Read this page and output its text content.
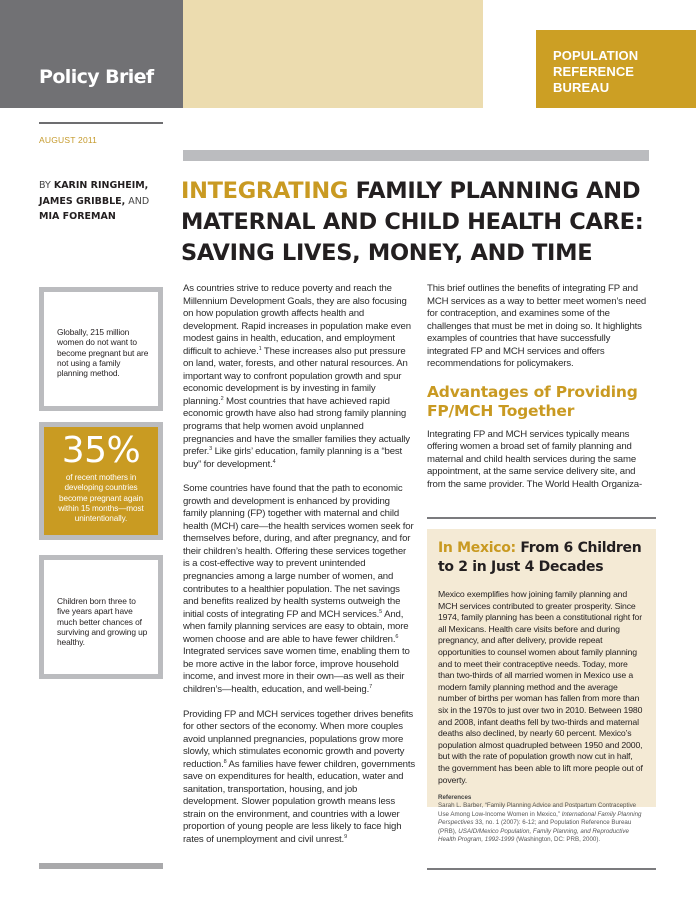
Policy Brief
POPULATION
REFERENCE
BUREAU
AUGUST 2011
BY KARIN RINGHEIM,
JAMES GRIBBLE, AND
MIA FOREMAN
INTEGRATING FAMILY PLANNING AND
MATERNAL AND CHILD HEALTH CARE:
SAVING LIVES, MONEY, AND TIME
Globally, 215 million women do not want to become pregnant but are not using a family planning method.
35%
of recent mothers in developing countries become pregnant again within 15 months—most unintentionally.
Children born three to five years apart have much better chances of surviving and growing up healthy.

As countries strive to reduce poverty and reach the Millennium Development Goals, they are also focusing on how population growth affects health and development. Rapid increases in population make even modest gains in health, education, and employment difficult to achieve.$^1$ These increases also put pressure on land, water, forests, and other natural resources. An important way to confront population growth and spur economic development is by investing in family planning.$^2$ Most countries that have achieved rapid economic growth have also had strong family planning programs that help women avoid unplanned pregnancies and have the smaller families they actually prefer.$^3$ Like girls’ education, family planning is a “best buy” for development.$^4$

Some countries have found that the path to economic growth and development is enhanced by providing family planning (FP) together with maternal and child health (MCH) care—the health services women seek for themselves before, during, and after pregnancy, and for their children’s health. Offering these services together is a cost-effective way to prevent unintended pregnancies among a large number of women, and contributes to a healthier population. The net savings and benefits realized by health systems outweigh the initial costs of integrating FP and MCH services.$^5$ And, when family planning services are easy to obtain, more women choose and are able to have fewer children.$^6$ Integrated services save women time, enabling them to be more active in the labor force, improve household income, and invest more in their own—as well as their children’s—health, education, and well-being.$^7$

Providing FP and MCH services together drives benefits for other sectors of the economy. When more couples avoid unplanned pregnancies, populations grow more slowly, which stimulates economic growth and poverty reduction.$^8$ As families have fewer children, governments save on expenditures for health, education, water and sanitation, transportation, housing, and job development. Slower population growth means less strain on the environment, and countries with a lower proportion of young people are less likely to face high rates of unemployment and civil unrest.$^9$

This brief outlines the benefits of integrating FP and MCH services as a way to better meet women’s need for contraception, and examines some of the challenges that must be met in doing so. It highlights examples of countries that have successfully integrated FP and MCH services and offers recommendations for policymakers.

Advantages of Providing FP/MCH Together

Integrating FP and MCH services typically means offering women a broad set of family planning and maternal and child health services during the same appointment, at the same service delivery site, and from the same provider. The World Health Organiza-

In Mexico: From 6 Children to 2 in Just 4 Decades
Mexico exemplifies how joining family planning and MCH services contributed to greater prosperity. Since 1974, family planning has been a constitutional right for all Mexicans. Health care visits before and during pregnancy, and after delivery, provide repeat opportunities to counsel women about family planning and to meet their contraceptive needs. Today, more than two-thirds of all married women in Mexico use a modern family planning method and the average number of births per woman has fallen from more than six in the 1970s to just over two in 2010. Between 1980 and 2008, infant deaths fell by two-thirds and maternal deaths also declined, by nearly 60 percent. Mexico’s population almost quadrupled between 1950 and 2000, but with the rate of population growth now cut in half, the government has been able to lift more people out of poverty.
References
Sarah L. Barber, “Family Planning Advice and Postpartum Contraceptive Use Among Low-Income Women in Mexico,” International Family Planning Perspectives 33, no. 1 (2007): 6-12; and Population Reference Bureau (PRB), USAID/Mexico Population, Family Planning, and Reproductive Health Program, 1992-1999 (Washington, DC: PRB, 2000).
